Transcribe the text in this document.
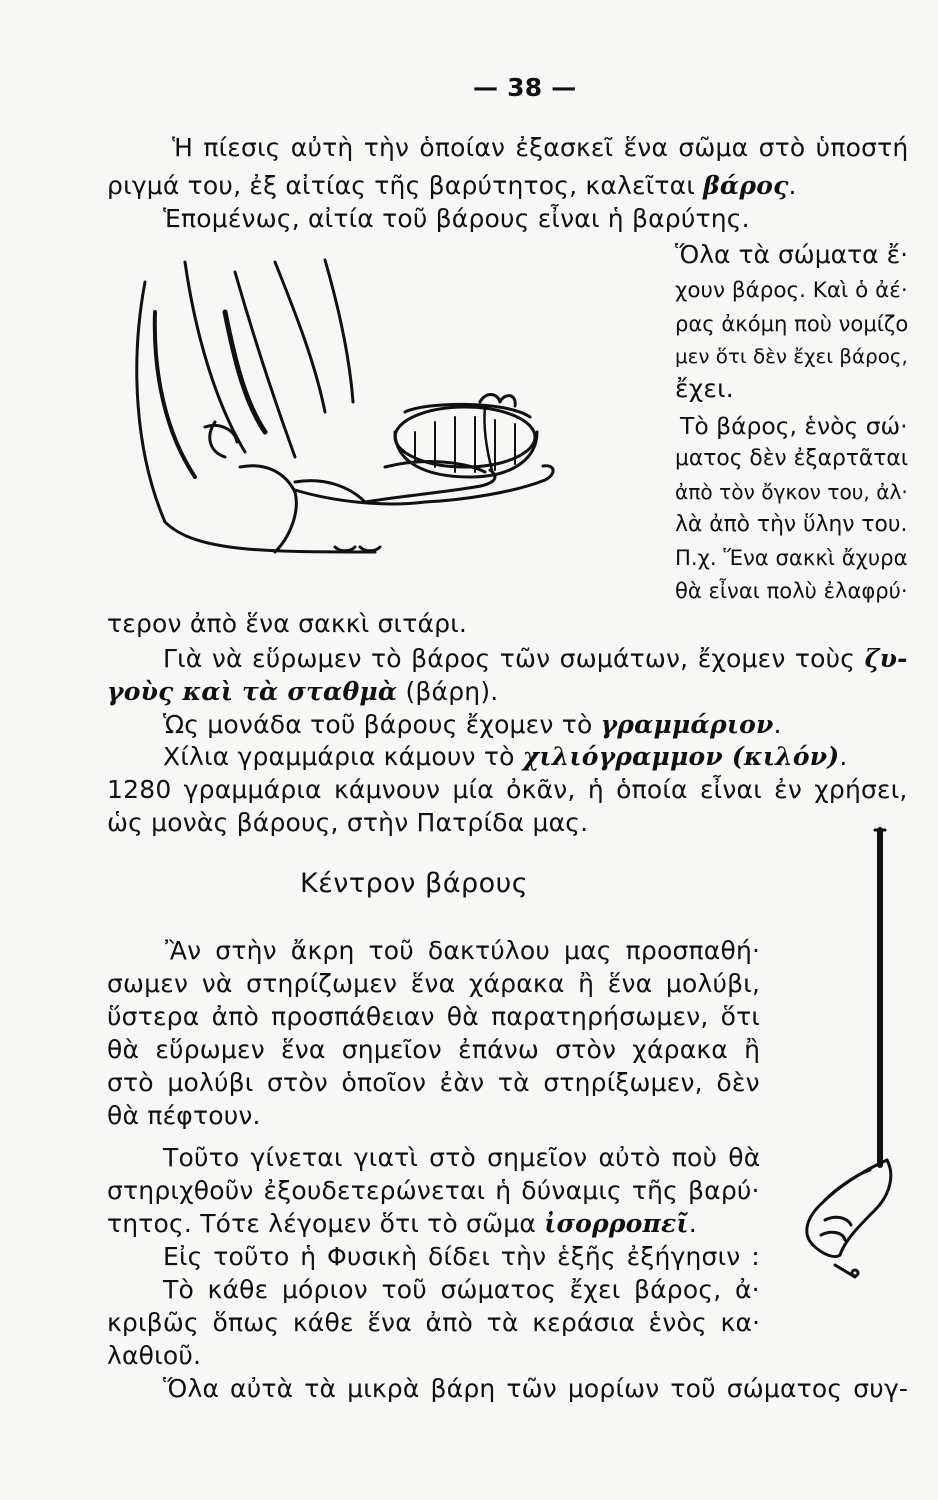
— 38 —
Ἡ πίεσις αὐτὴ τὴν ὁποίαν ἐξασκεῖ ἕνα σῶμα στὸ ὑποστή
ριγμά του, ἐξ αἰτίας τῆς βαρύτητος, καλεῖται βάρος.
Ἑπομένως, αἰτία τοῦ βάρους εἶναι ἡ βαρύτης.
Ὅλα τὰ σώματα ἔ·
χουν βάρος. Καὶ ὁ ἀέ·
ρας ἀκόμη ποὺ νομίζο
μεν ὅτι δὲν ἔχει βάρος,
ἔχει.
Τὸ βάρος, ἑνὸς σώ·
ματος δὲν ἐξαρτᾶται
ἀπὸ τὸν ὄγκον του, ἀλ·
λὰ ἀπὸ τὴν ὕλην του.
Π.χ. Ἕνα σακκὶ ἄχυρα
θὰ εἶναι πολὺ ἐλαφρύ·
τερον ἀπὸ ἕνα σακκὶ σιτάρι.
Γιὰ νὰ εὕρωμεν τὸ βάρος τῶν σωμάτων, ἔχομεν τοὺς ζυ-
γοὺς καὶ τὰ σταθμὰ (βάρη).
Ὡς μονάδα τοῦ βάρους ἔχομεν τὸ γραμμάριον.
Χίλια γραμμάρια κάμουν τὸ χιλιόγραμμον (κιλόν).
1280 γραμμάρια κάμνουν μία ὀκᾶν, ἡ ὁποία εἶναι ἐν χρήσει,
ὡς μονὰς βάρους, στὴν Πατρίδα μας.
Κέντρον βάρους
Ἂν στὴν ἄκρη τοῦ δακτύλου μας προσπαθή·
σωμεν νὰ στηρίζωμεν ἕνα χάρακα ἢ ἕνα μολύβι,
ὕστερα ἀπὸ προσπάθειαν θὰ παρατηρήσωμεν, ὅτι
θὰ εὕρωμεν ἕνα σημεῖον ἐπάνω στὸν χάρακα ἢ
στὸ μολύβι στὸν ὁποῖον ἐὰν τὰ στηρίξωμεν, δὲν
θὰ πέφτουν.
Τοῦτο γίνεται γιατὶ στὸ σημεῖον αὐτὸ ποὺ θὰ
στηριχθοῦν ἐξουδετερώνεται ἡ δύναμις τῆς βαρύ·
τητος. Τότε λέγομεν ὅτι τὸ σῶμα ἰσορροπεῖ.
Εἰς τοῦτο ἡ Φυσικὴ δίδει τὴν ἑξῆς ἐξήγησιν :
Τὸ κάθε μόριον τοῦ σώματος ἔχει βάρος, ἀ·
κριβῶς ὅπως κάθε ἕνα ἀπὸ τὰ κεράσια ἑνὸς κα·
λαθιοῦ.
Ὅλα αὐτὰ τὰ μικρὰ βάρη τῶν μορίων τοῦ σώματος συγ-
